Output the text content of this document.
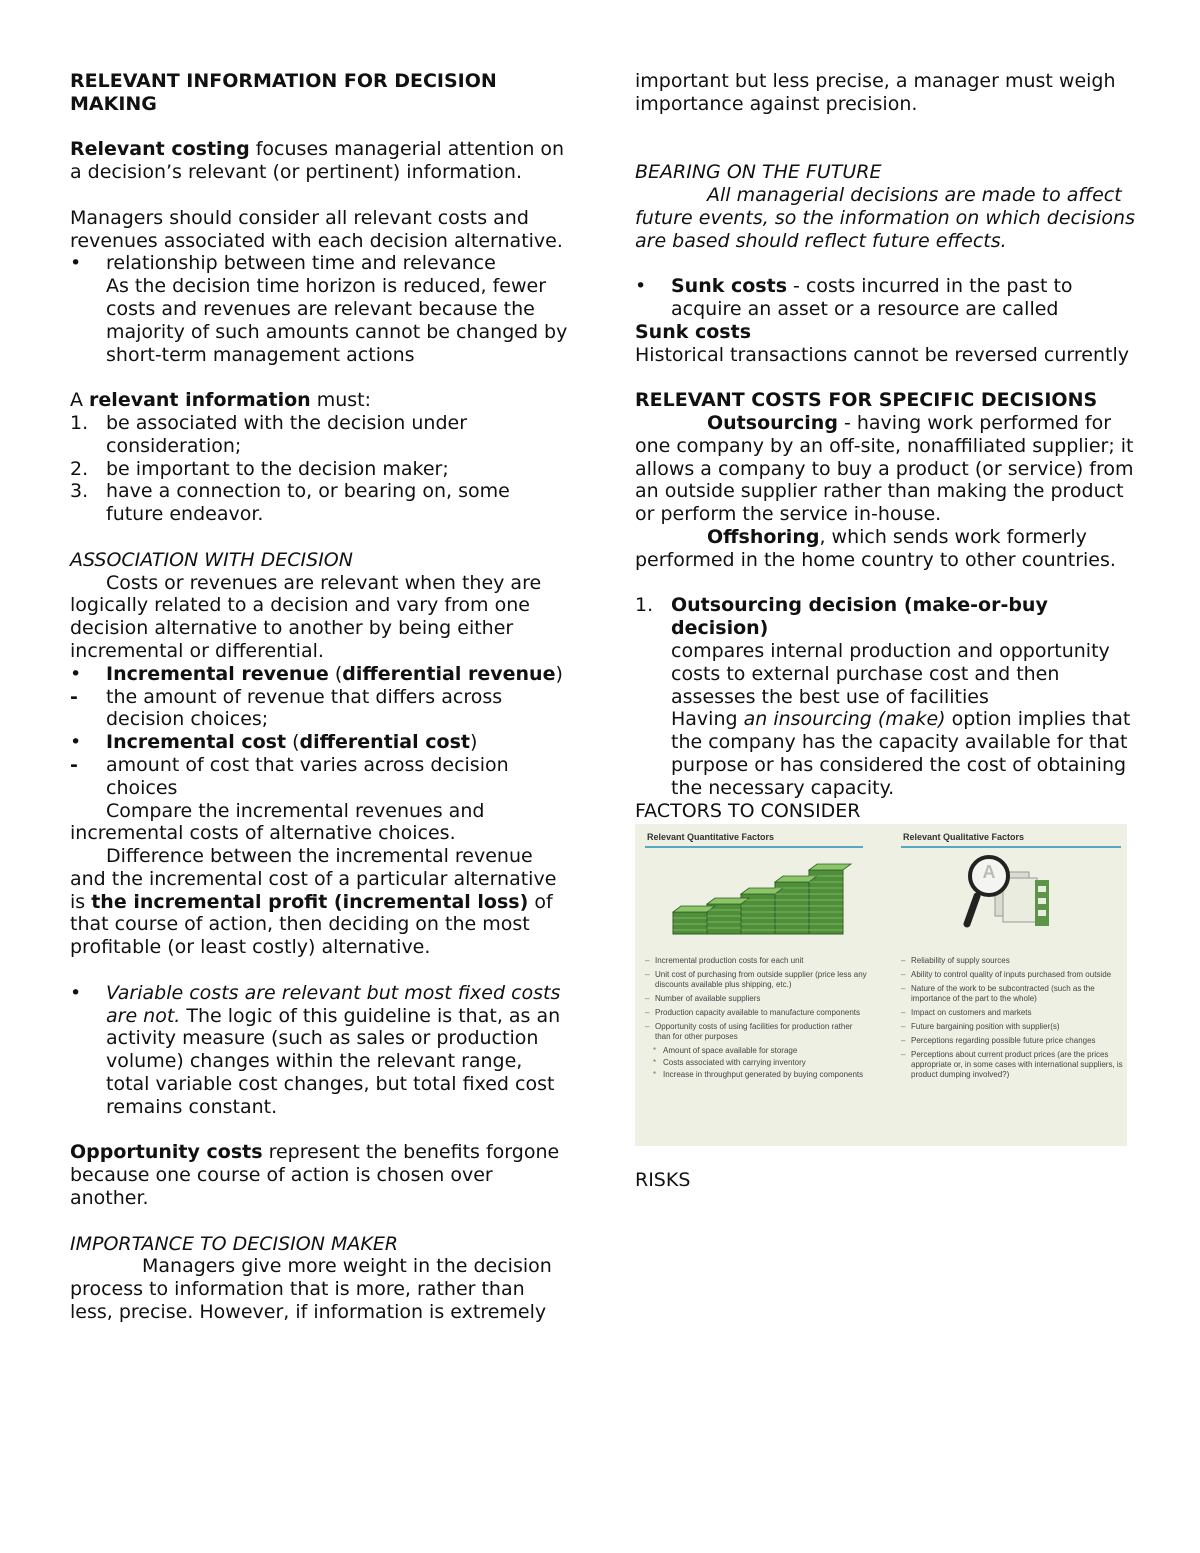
RELEVANT INFORMATION FOR DECISION MAKING

Relevant costing focuses managerial attention on a decision’s relevant (or pertinent) information.

Managers should consider all relevant costs and revenues associated with each decision alternative.

•	relationship between time and relevance
As the decision time horizon is reduced, fewer costs and revenues are relevant because the majority of such amounts cannot be changed by short-term management actions

A relevant information must:

1. be associated with the decision under consideration;
2. be important to the decision maker;
3. have a connection to, or bearing on, some future endeavor.

ASSOCIATION WITH DECISION

Costs or revenues are relevant when they are logically related to a decision and vary from one decision alternative to another by being either incremental or differential.

•	Incremental revenue (differential revenue)
-	the amount of revenue that differs across decision choices;
•	Incremental cost (differential cost)
-	amount of cost that varies across decision choices

Compare the incremental revenues and incremental costs of alternative choices.

Difference between the incremental revenue and the incremental cost of a particular alternative is the incremental profit (incremental loss) of that course of action, then deciding on the most profitable (or least costly) alternative.

•	Variable costs are relevant but most fixed costs are not. The logic of this guideline is that, as an activity measure (such as sales or production
volume) changes within the relevant range, total variable cost changes, but total fixed cost
remains constant.

Opportunity costs represent the benefits forgone because one course of action is chosen over another.

IMPORTANCE TO DECISION MAKER

Managers give more weight in the decision process to information that is more, rather than less, precise. However, if information is extremely

important but less precise, a manager must weigh importance against precision.

BEARING ON THE FUTURE

All managerial decisions are made to affect future events, so the information on which decisions are based should reflect future effects.

•	Sunk costs - costs incurred in the past to acquire an asset or a resource are called

Sunk costs

Historical transactions cannot be reversed currently

RELEVANT COSTS FOR SPECIFIC DECISIONS

Outsourcing - having work performed for one company by an off-site, nonaffiliated supplier; it allows a company to buy a product (or service) from an outside supplier rather than making the product or perform the service in-house.

Offshoring, which sends work formerly performed in the home country to other countries.

1. Outsourcing decision (make-or-buy decision)
compares internal production and opportunity costs to external purchase cost and then assesses the best use of facilities
Having an insourcing (make) option implies that
the company has the capacity available for that purpose or has considered the cost of obtaining the necessary capacity.

FACTORS TO CONSIDER

Relevant Quantitative Factors	Relevant Qualitative Factors
A
– Incremental production costs for each unit
– Unit cost of purchasing from outside supplier (price less any discounts available plus shipping, etc.)
– Number of available suppliers
– Production capacity available to manufacture components
– Opportunity costs of using facilities for production rather than for other purposes
* Amount of space available for storage
* Costs associated with carrying inventory
* Increase in throughput generated by buying components
– Reliability of supply sources
– Ability to control quality of inputs purchased from outside
– Nature of the work to be subcontracted (such as the importance of the part to the whole)
– Impact on customers and markets
– Future bargaining position with supplier(s)
– Perceptions regarding possible future price changes
– Perceptions about current product prices (are the prices appropriate or, in some cases with international suppliers, is product dumping involved?)

RISKS
